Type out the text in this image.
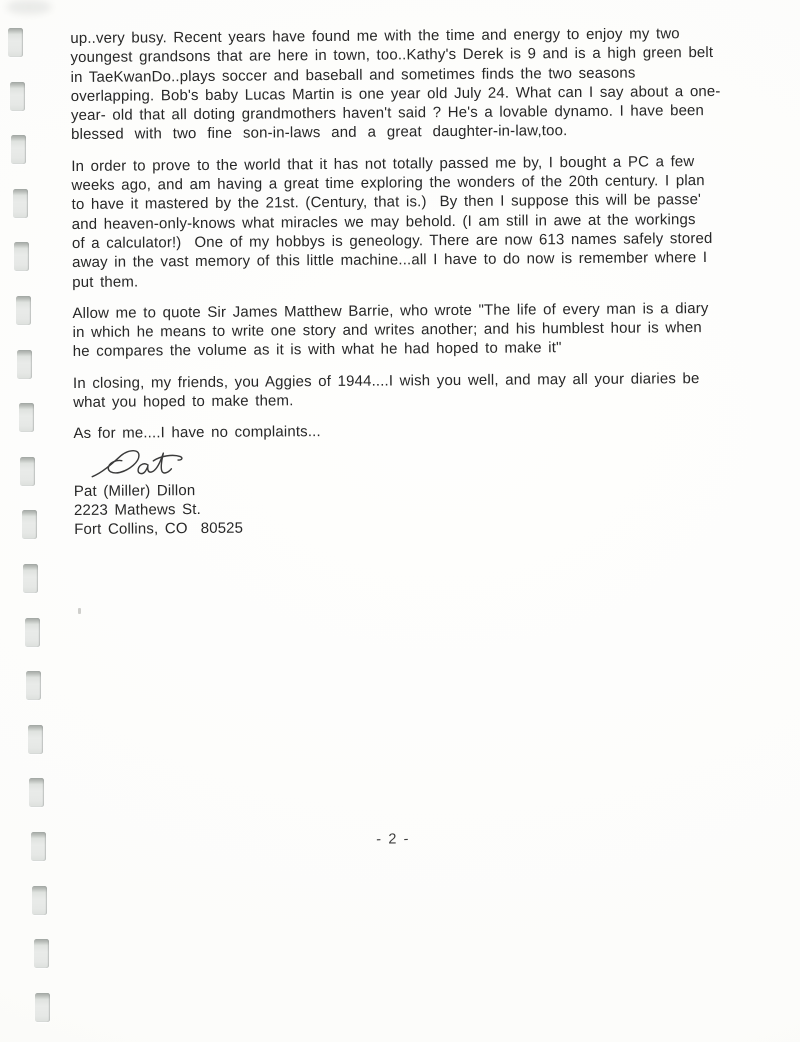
up..very busy. Recent years have found me with the time and energy to enjoy my two
youngest grandsons that are here in town, too..Kathy's Derek is 9 and is a high green belt
in TaeKwanDo..plays soccer and baseball and sometimes finds the two seasons
overlapping. Bob's baby Lucas Martin is one year old July 24. What can I say about a one-
year- old that all doting grandmothers haven't said ? He's a lovable dynamo. I have been
blessed with two fine son-in-laws and a great daughter-in-law,too.
In order to prove to the world that it has not totally passed me by, I bought a PC a few
weeks ago, and am having a great time exploring the wonders of the 20th century. I plan
to have it mastered by the 21st. (Century, that is.)  By then I suppose this will be passe'
and heaven-only-knows what miracles we may behold. (I am still in awe at the workings
of a calculator!)  One of my hobbys is geneology. There are now 613 names safely stored
away in the vast memory of this little machine...all I have to do now is remember where I
put them.
Allow me to quote Sir James Matthew Barrie, who wrote "The life of every man is a diary
in which he means to write one story and writes another; and his humblest hour is when
he compares the volume as it is with what he had hoped to make it"
In closing, my friends, you Aggies of 1944....I wish you well, and may all your diaries be
what you hoped to make them.
As for me....I have no complaints...
Pat (Miller) Dillon
2223 Mathews St.
Fort Collins, CO  80525
- 2 -
